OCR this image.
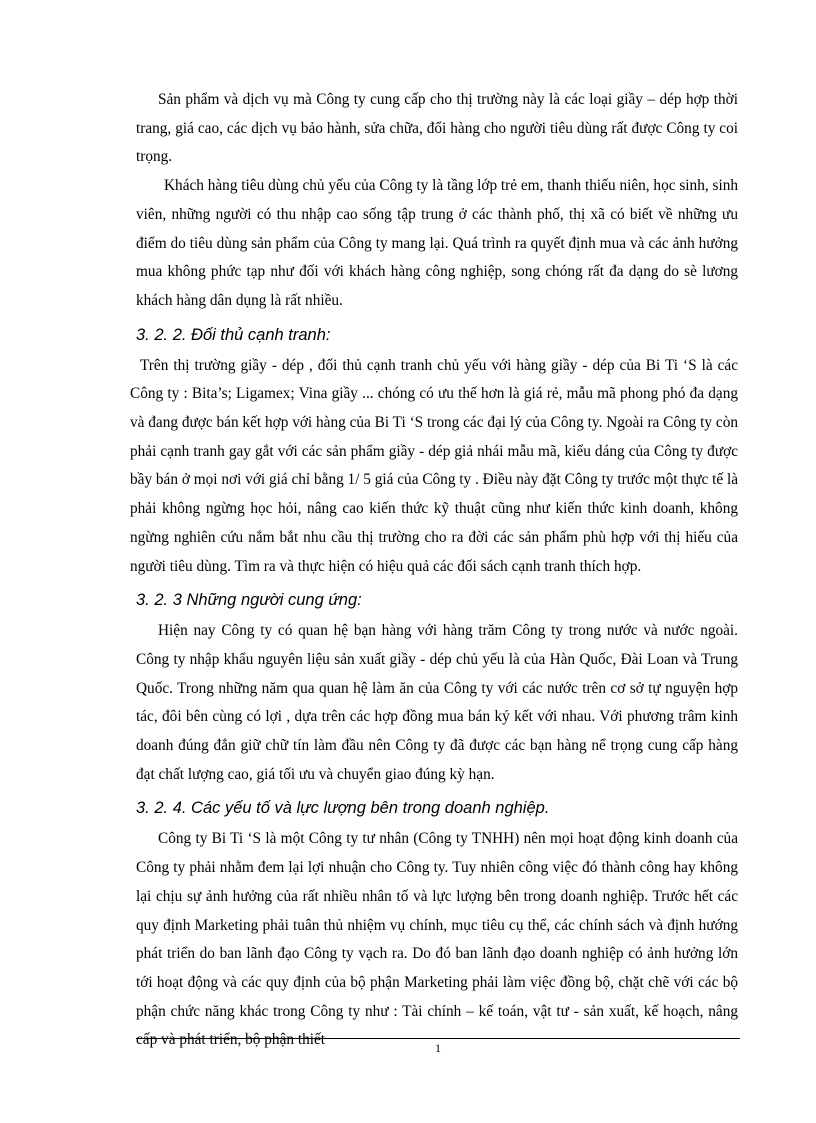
Sản phẩm và dịch vụ mà Công ty cung cấp cho thị trường này là các loại giầy – dép hợp thời trang, giá cao, các dịch vụ bảo hành, sửa chữa, đổi hàng cho người tiêu dùng rất được Công ty coi trọng.

Khách hàng tiêu dùng chủ yếu của Công ty là tầng lớp trẻ em, thanh thiếu niên, học sinh, sinh viên, những người có thu nhập cao sống tập trung ở các thành phố, thị xã có biết về những ưu điểm do tiêu dùng sản phẩm của Công ty mang lại. Quá trình ra quyết định mua và các ảnh hưởng mua không phức tạp như đối với khách hàng công nghiệp, song chóng rất đa dạng do sè lương khách hàng dân dụng là rất nhiều.

3. 2. 2. Đối thủ cạnh tranh:

Trên thị trường giầy - dép , đối thủ cạnh tranh chủ yếu với hàng giầy - dép của Bi Ti ‘S là các Công ty : Bita’s; Ligamex; Vina giầy ... chóng có ưu thế hơn là giá rẻ, mẫu mã phong phó đa dạng và đang được bán kết hợp với hàng của Bi Ti ‘S trong các đại lý của Công ty. Ngoài ra Công ty còn phải cạnh tranh gay gắt với các sản phẩm giầy - dép giả nhái mẫu mã, kiểu dáng của Công ty được bầy bán ở mọi nơi với giá chỉ bằng 1/ 5 giá của Công ty . Điều này đặt Công ty trước một thực tế là phải không ngừng học hỏi, nâng cao kiến thức kỹ thuật cũng như kiến thức kinh doanh, không ngừng nghiên cứu nắm bắt nhu cầu thị trường cho ra đời các sản phẩm phù hợp với thị hiếu của người tiêu dùng. Tìm ra và thực hiện có hiệu quả các đối sách cạnh tranh thích hợp.

3. 2. 3 Những người cung ứng:

Hiện nay Công ty có quan hệ bạn hàng với hàng trăm Công ty trong nước và nước ngoài. Công ty nhập khẩu nguyên liệu sản xuất giầy - dép chủ yếu là của Hàn Quốc, Đài Loan và Trung Quốc. Trong những năm qua quan hệ làm ăn của Công ty với các nước trên cơ sở tự nguyện hợp tác, đôi bên cùng có lợi , dựa trên các hợp đồng mua bán ký kết với nhau. Với phương trâm kinh doanh đúng đắn giữ chữ tín làm đầu nên Công ty đã được các bạn hàng nể trọng cung cấp hàng đạt chất lượng cao, giá tối ưu và chuyển giao đúng kỳ hạn.

3. 2. 4. Các yếu tố và lực lượng bên trong doanh nghiệp.

Công ty Bi Ti ‘S là một Công ty tư nhân (Công ty TNHH) nên mọi hoạt động kinh doanh của Công ty phải nhằm đem lại lợi nhuận cho Công ty. Tuy nhiên công việc đó thành công hay không lại chịu sự ảnh hưởng của rất nhiều nhân tố và lực lượng bên trong doanh nghiệp. Trước hết các quy định Marketing phải tuân thủ nhiệm vụ chính, mục tiêu cụ thể, các chính sách và định hướng phát triển do ban lãnh đạo Công ty vạch ra. Do đó ban lãnh đạo doanh nghiệp có ảnh hưởng lớn tới hoạt động và các quy định của bộ phận Marketing phải làm việc đồng bộ, chặt chẽ với các bộ phận chức năng khác trong Công ty như : Tài chính – kế toán, vật tư - sản xuất, kế hoạch, nâng cấp và phát triển, bộ phận thiết	1
